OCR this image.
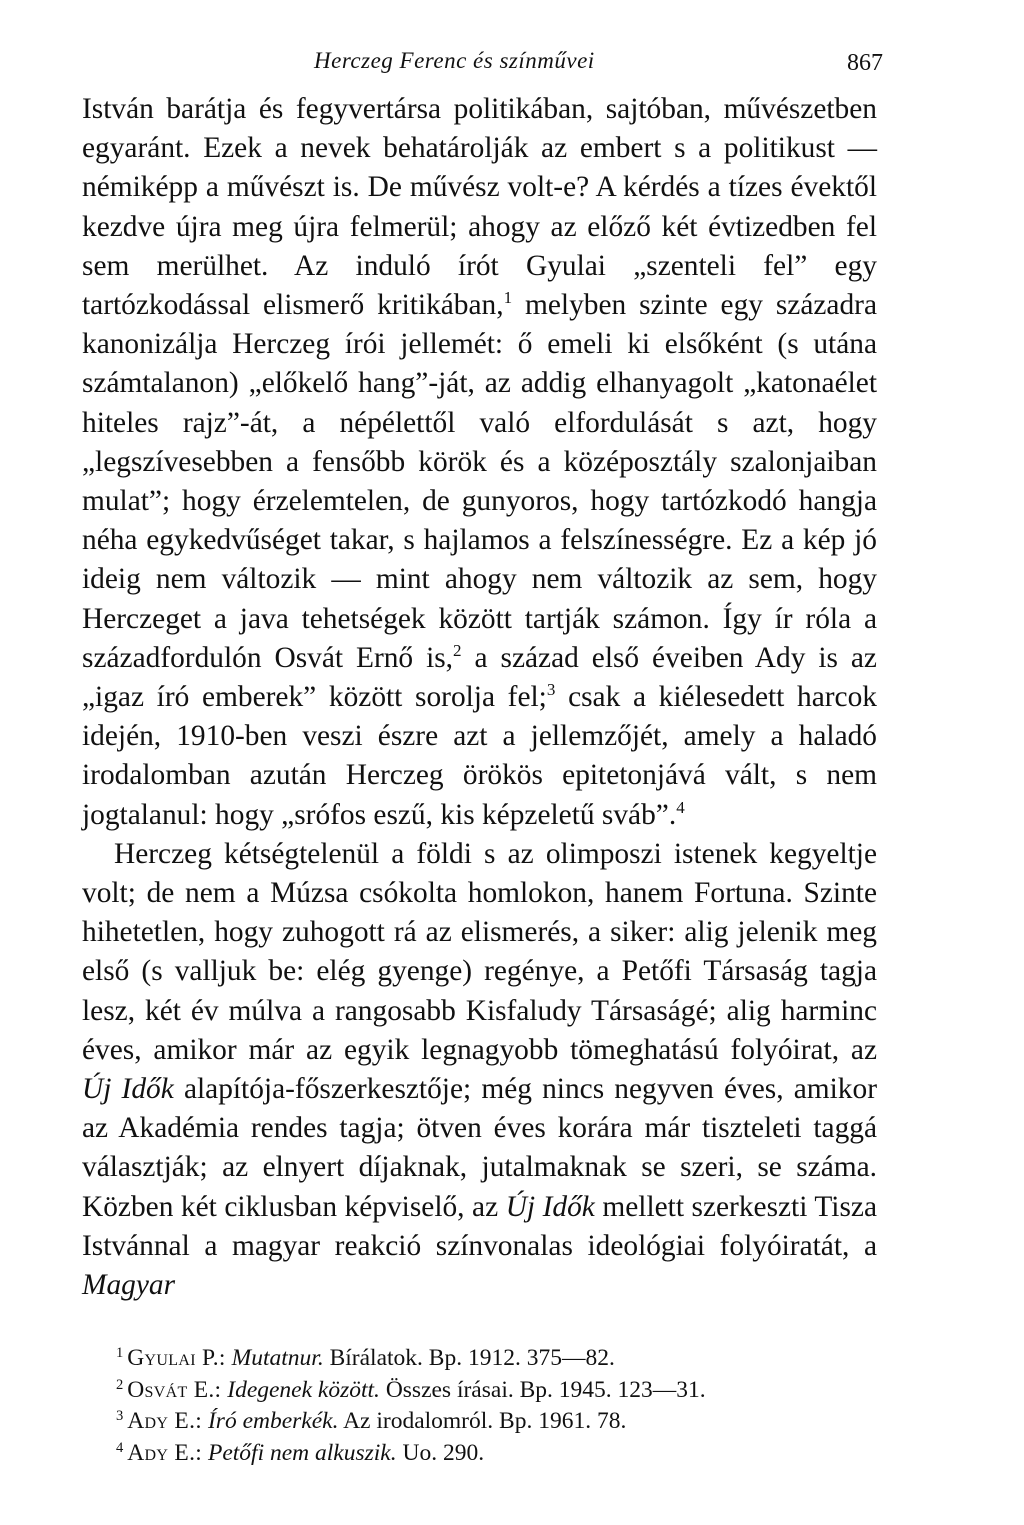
Herczeg Ferenc és színművei	867

István barátja és fegyvertársa politikában, sajtóban, művészetben egyaránt. Ezek a nevek behatárolják az embert s a politikust — némiképp a művészt is. De művész volt-e? A kérdés a tízes évektől kezdve újra meg újra felmerül; ahogy az előző két évtizedben fel sem merülhet. Az induló írót Gyulai „szenteli fel” egy tartózkodással elismerő kritikában,$^1$ melyben szinte egy századra kanonizálja Herczeg írói jellemét: ő emeli ki elsőként (s utána számtalanon) „előkelő hang”-ját, az addig elhanyagolt „katonaélet hiteles rajz”-át, a népélettől való elfordulását s azt, hogy „legszívesebben a fensőbb körök és a középosztály szalonjaiban mulat”; hogy érzelemtelen, de gunyoros, hogy tartózkodó hangja néha egykedvűséget takar, s hajlamos a felszínességre. Ez a kép jó ideig nem változik — mint ahogy nem változik az sem, hogy Herczeget a java tehetségek között tartják számon. Így ír róla a századfordulón Osvát Ernő is,$^2$ a század első éveiben Ady is az „igaz író emberek” között sorolja fel;$^3$ csak a kiélesedett harcok idején, 1910-ben veszi észre azt a jellemzőjét, amely a haladó irodalomban azután Herczeg örökös epitetonjává vált, s nem jogtalanul: hogy „srófos eszű, kis képzeletű sváb”.$^4$

Herczeg kétségtelenül a földi s az olimposzi istenek kegyeltje volt; de nem a Múzsa csókolta homlokon, hanem Fortuna. Szinte hihetetlen, hogy zuhogott rá az elismerés, a siker: alig jelenik meg első (s valljuk be: elég gyenge) regénye, a Petőfi Társaság tagja lesz, két év múlva a rangosabb Kisfaludy Társaságé; alig harminc éves, amikor már az egyik legnagyobb tömeghatású folyóirat, az Új Idők alapítója-főszerkesztője; még nincs negyven éves, amikor az Akadémia rendes tagja; ötven éves korára már tiszteleti taggá választják; az elnyert díjaknak, jutalmaknak se szeri, se száma. Közben két ciklusban képviselő, az Új Idők mellett szerkeszti Tisza Istvánnal a magyar reakció színvonalas ideológiai folyóiratát, a Magyar

$^1$ Gyulai P.: Mutatnur. Bírálatok. Bp. 1912. 375—82.

$^2$ Osvát E.: Idegenek között. Összes írásai. Bp. 1945. 123—31.

$^3$ Ady E.: Író emberkék. Az irodalomról. Bp. 1961. 78.

$^4$ Ady E.: Petőfi nem alkuszik. Uo. 290.
